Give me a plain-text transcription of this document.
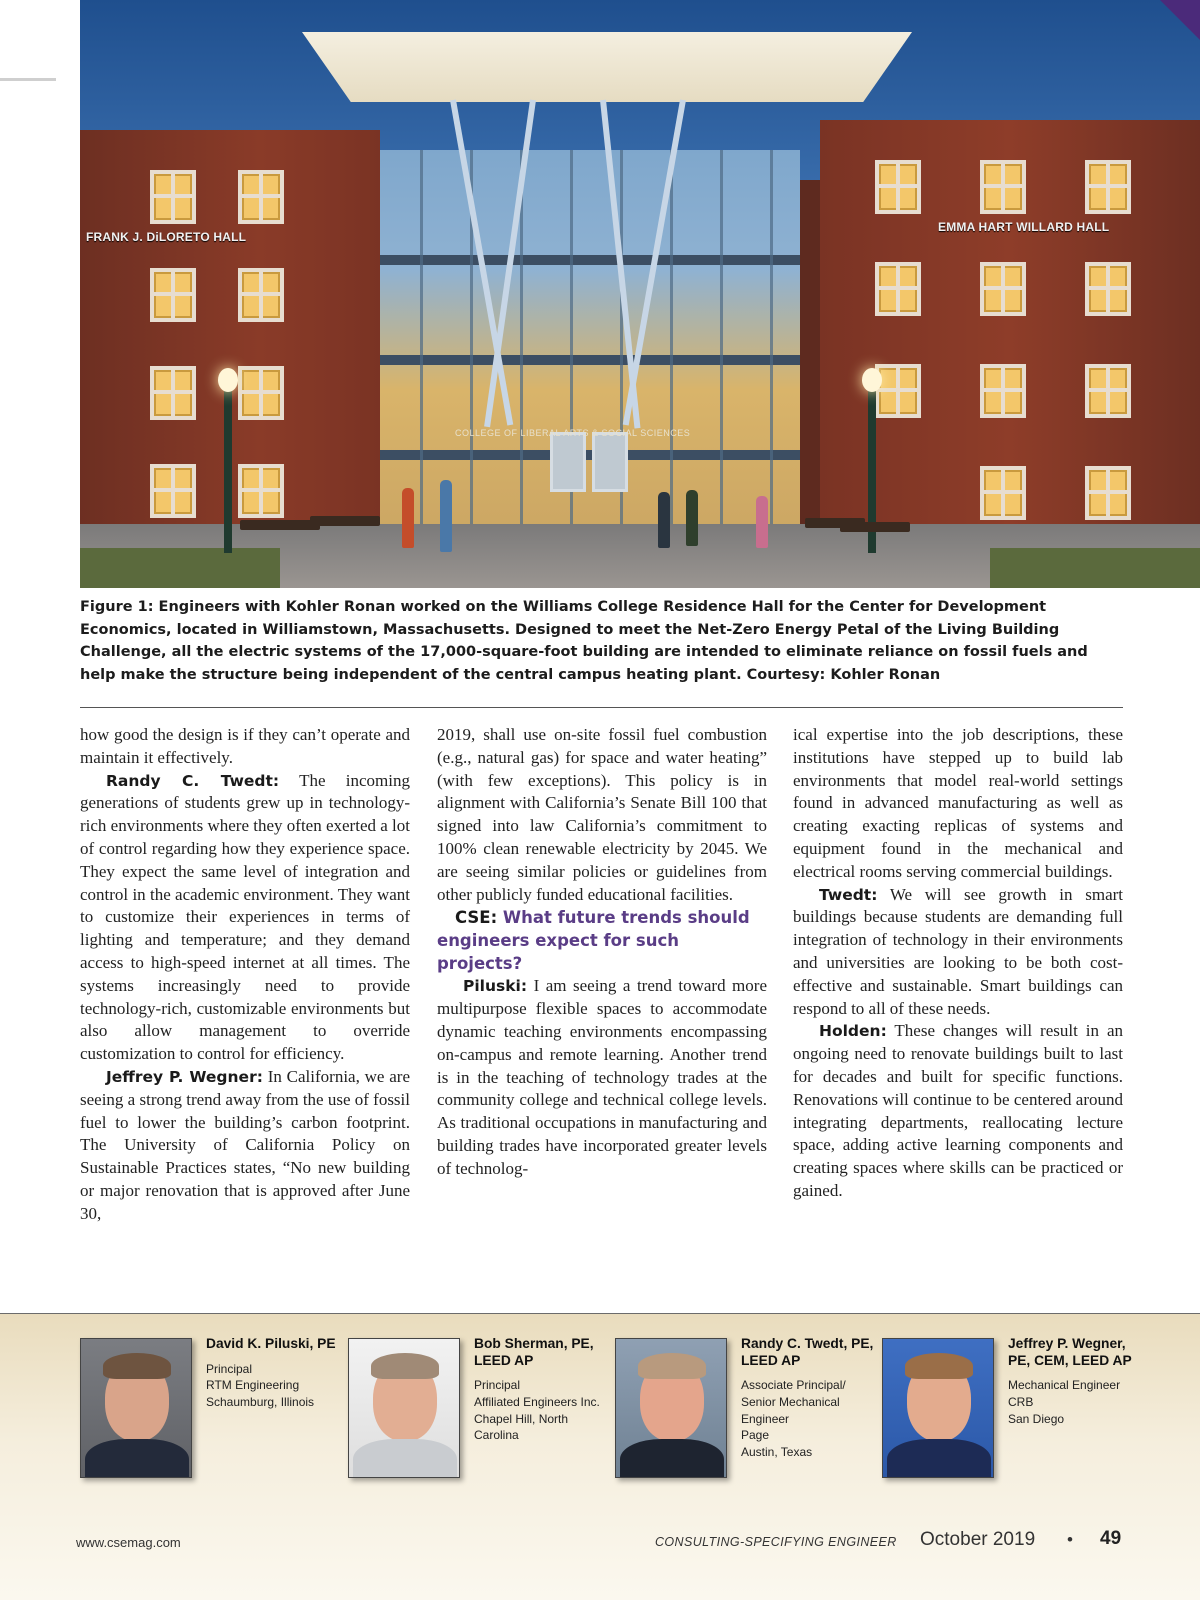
FRANK J. DiLORETO HALL
EMMA HART WILLARD HALL
COLLEGE OF LIBERAL ARTS & SOCIAL SCIENCES
Figure 1: Engineers with Kohler Ronan worked on the Williams College Residence Hall for the Center for Development Economics, located in Williamstown, Massachusetts. Designed to meet the Net-Zero Energy Petal of the Living Building Challenge, all the electric systems of the 17,000-square-foot building are intended to eliminate reliance on fossil fuels and help make the structure being independent of the central campus heating plant. Courtesy: Kohler Ronan

how good the design is if they can’t operate and maintain it effectively.

Randy C. Twedt: The incoming generations of students grew up in technology-rich environments where they often exerted a lot of control regarding how they experience space. They expect the same level of integration and control in the academic environment. They want to customize their experiences in terms of lighting and temperature; and they demand access to high-speed internet at all times. The systems increasingly need to provide technology-rich, customizable environments but also allow management to override customization to control for efficiency.

Jeffrey P. Wegner: In California, we are seeing a strong trend away from the use of fossil fuel to lower the building’s carbon footprint. The University of California Policy on Sustainable Practices states, “No new building or major renovation that is approved after June 30,

2019, shall use on-site fossil fuel combustion (e.g., natural gas) for space and water heating” (with few exceptions). This policy is in alignment with California’s Senate Bill 100 that signed into law California’s commitment to 100% clean renewable electricity by 2045. We are seeing similar policies or guidelines from other publicly funded educational facilities.

CSE: What future trends should engineers expect for such projects?

Piluski: I am seeing a trend toward more multipurpose flexible spaces to accommodate dynamic teaching environments encompassing on-campus and remote learning. Another trend is in the teaching of technology trades at the community college and technical college levels. As traditional occupations in manufacturing and building trades have incorporated greater levels of technolog-

ical expertise into the job descriptions, these institutions have stepped up to build lab environments that model real-world settings found in advanced manufacturing as well as creating exacting replicas of systems and equipment found in the mechanical and electrical rooms serving commercial buildings.

Twedt: We will see growth in smart buildings because students are demanding full integration of technology in their environments and universities are looking to be both cost-effective and sustainable. Smart buildings can respond to all of these needs.

Holden: These changes will result in an ongoing need to renovate buildings built to last for decades and built for specific functions. Renovations will continue to be centered around integrating departments, reallocating lecture space, adding active learning components and creating spaces where skills can be practiced or gained.

David K. Piluski, PE
Principal
RTM Engineering
Schaumburg, Illinois
Bob Sherman, PE, LEED AP
Principal
Affiliated Engineers Inc.
Chapel Hill, North Carolina
Randy C. Twedt, PE, LEED AP
Associate Principal/ Senior Mechanical Engineer
Page
Austin, Texas
Jeffrey P. Wegner, PE, CEM, LEED AP
Mechanical Engineer
CRB
San Diego
www.csemag.com	CONSULTING-SPECIFYING ENGINEER October 2019 • 49
